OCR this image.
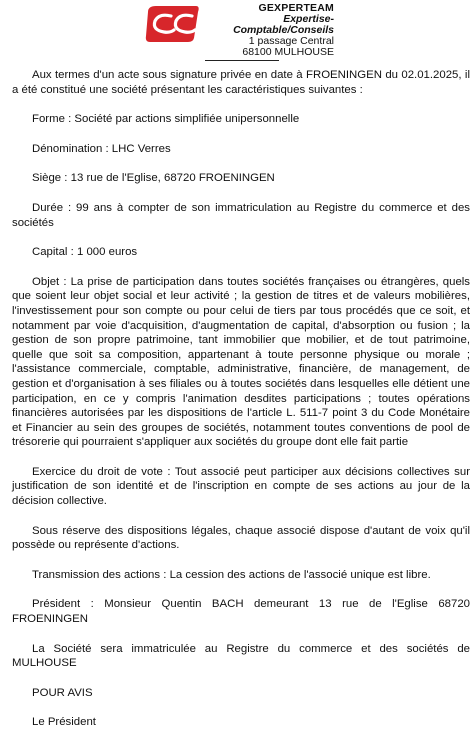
GEXPERTEAM
Expertise-Comptable/Conseils
1 passage Central
68100 MULHOUSE

Aux termes d'un acte sous signature privée en date à FROENINGEN du 02.01.2025, il a été constitué une société présentant les caractéristiques suivantes :

Forme : Société par actions simplifiée unipersonnelle

Dénomination : LHC Verres

Siège : 13 rue de l'Eglise, 68720 FROENINGEN

Durée : 99 ans à compter de son immatriculation au Registre du commerce et des sociétés

Capital : 1 000 euros

Objet : La prise de participation dans toutes sociétés françaises ou étrangères, quels que soient leur objet social et leur activité ; la gestion de titres et de valeurs mobilières, l'investissement pour son compte ou pour celui de tiers par tous procédés que ce soit, et notamment par voie d'acquisition, d'augmentation de capital, d'absorption ou fusion ; la gestion de son propre patrimoine, tant immobilier que mobilier, et de tout patrimoine, quelle que soit sa composition, appartenant à toute personne physique ou morale ; l'assistance commerciale, comptable, administrative, financière, de management, de gestion et d'organisation à ses filiales ou à toutes sociétés dans lesquelles elle détient une participation, en ce y compris l'animation desdites participations ; toutes opérations financières autorisées par les dispositions de l'article L. 511-7 point 3 du Code Monétaire et Financier au sein des groupes de sociétés, notamment toutes conventions de pool de trésorerie qui pourraient s'appliquer aux sociétés du groupe dont elle fait partie

Exercice du droit de vote : Tout associé peut participer aux décisions collectives sur justification de son identité et de l'inscription en compte de ses actions au jour de la décision collective.

Sous réserve des dispositions légales, chaque associé dispose d'autant de voix qu'il possède ou représente d'actions.

Transmission des actions : La cession des actions de l'associé unique est libre.

Président : Monsieur Quentin BACH demeurant 13 rue de l'Eglise 68720 FROENINGEN

La Société sera immatriculée au Registre du commerce et des sociétés de MULHOUSE

POUR AVIS

Le Président
